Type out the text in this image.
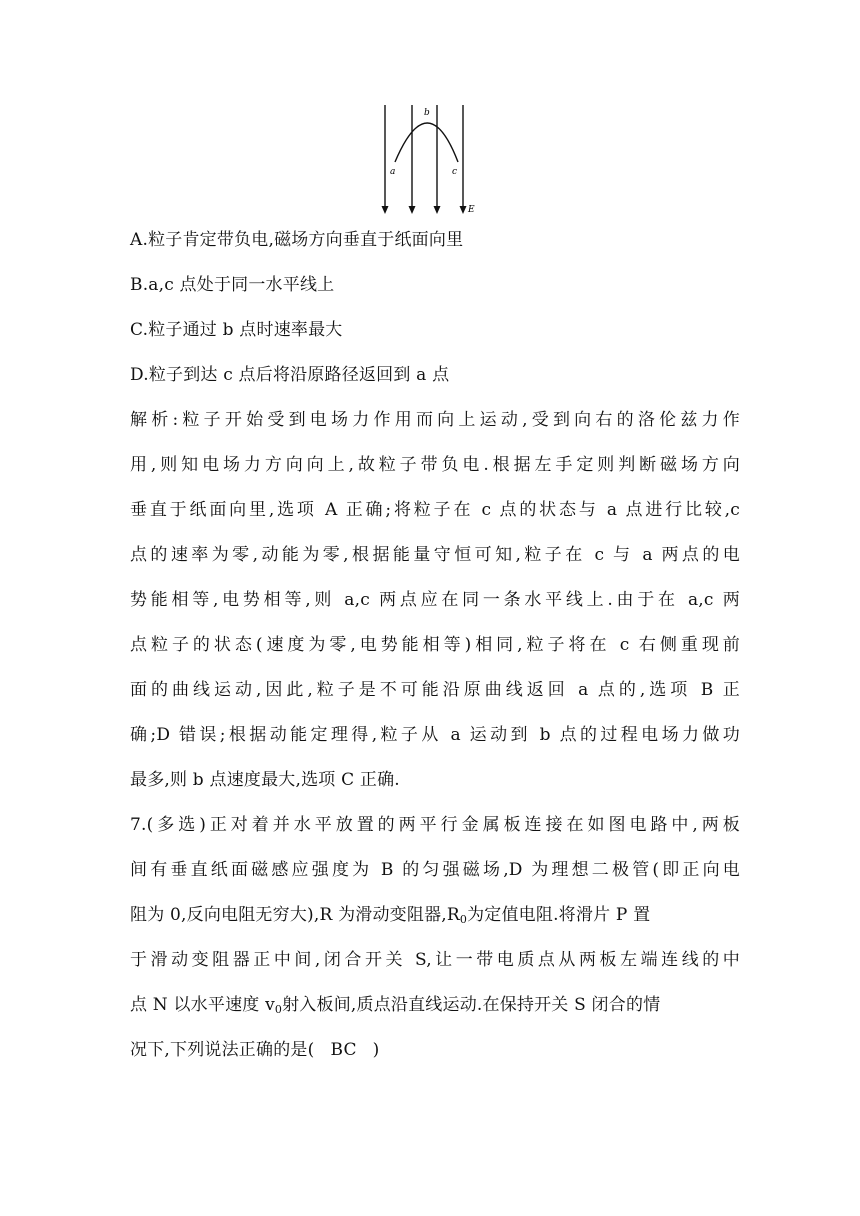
a
b
c
E
A.粒子肯定带负电,磁场方向垂直于纸面向里
B.a,c 点处于同一水平线上
C.粒子通过 b 点时速率最大
D.粒子到达 c 点后将沿原路径返回到 a 点
解析:粒子开始受到电场力作用而向上运动,受到向右的洛伦兹力作
用,则知电场力方向向上,故粒子带负电.根据左手定则判断磁场方向
垂直于纸面向里,选项 A 正确;将粒子在 c 点的状态与 a 点进行比较,c
点的速率为零,动能为零,根据能量守恒可知,粒子在 c 与 a 两点的电
势能相等,电势相等,则 a,c 两点应在同一条水平线上.由于在 a,c 两
点粒子的状态(速度为零,电势能相等)相同,粒子将在 c 右侧重现前
面的曲线运动,因此,粒子是不可能沿原曲线返回 a 点的,选项 B 正
确;D 错误;根据动能定理得,粒子从 a 运动到 b 点的过程电场力做功
最多,则 b 点速度最大,选项 C 正确.
7.(多选)正对着并水平放置的两平行金属板连接在如图电路中,两板
间有垂直纸面磁感应强度为 B 的匀强磁场,D 为理想二极管(即正向电
阻为 0,反向电阻无穷大),R 为滑动变阻器$,R_0$为定值电阻.将滑片 P 置
于滑动变阻器正中间,闭合开关 S,让一带电质点从两板左端连线的中
点 N 以水平速度 $v_0$射入板间,质点沿直线运动.在保持开关 S 闭合的情
况下,下列说法正确的是( BC )
